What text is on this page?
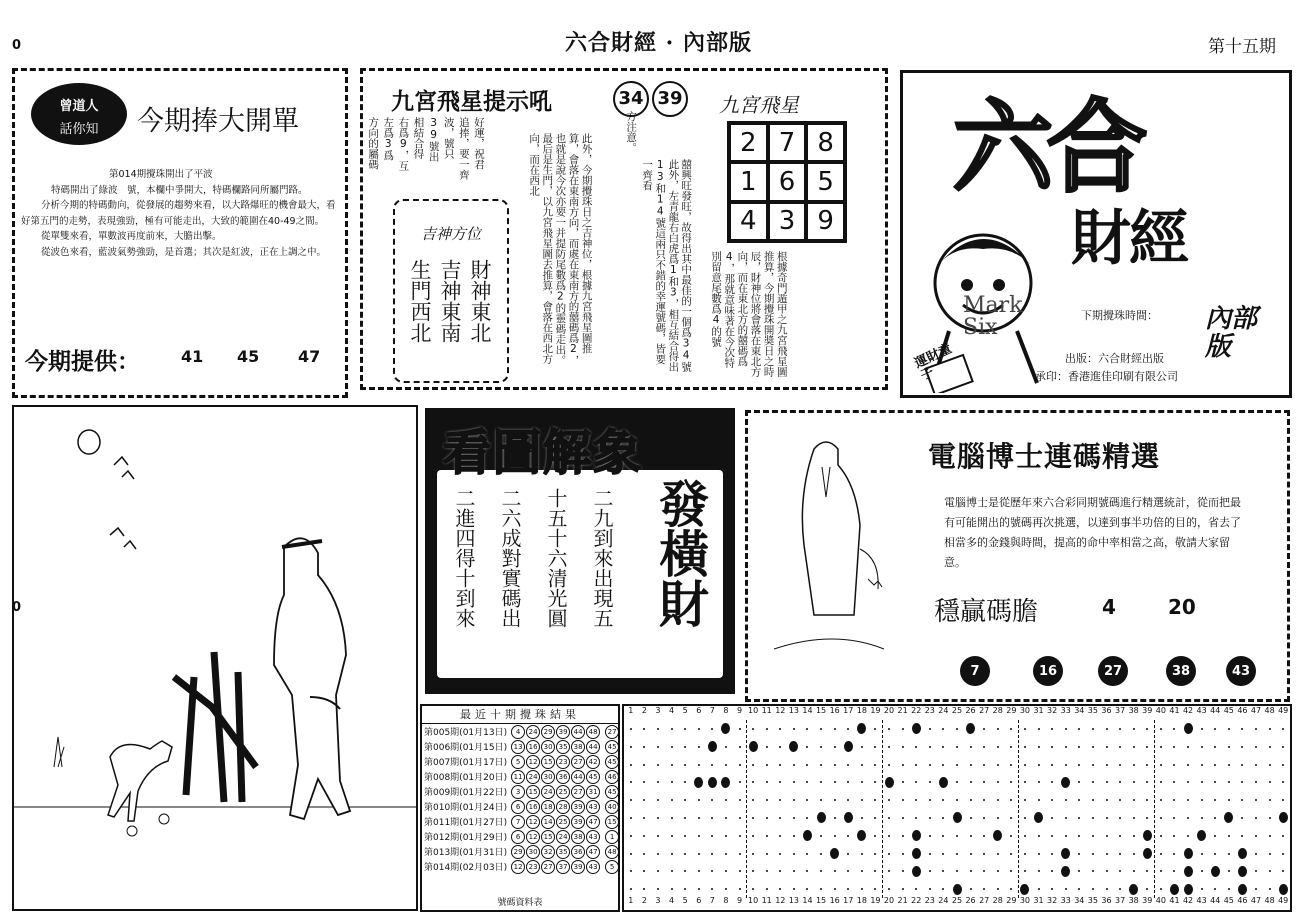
0	六合財經 · 內部版	第十五期
0
曾道人
話你知	今期捧大開單
第014期攪珠開出了平波
特碼開出了綠波　號，本欄中爭開大，特碼欄路同所屬門路。
分析今期的特碼動向，從發展的趨勢來看，以大路爆旺的機會最大，看好第五門的走勢，表現強勁，極有可能走出，大致的範圍在40-49之間。
從單雙來看，單數波再度前來，大膽出擊。
從波色來看，藍波氣勢強勁，是首選；其次是紅波，正在上調之中。
今期提供：	41 45 47
九宮飛星提示吼	34 39
好運，祝君
追捧，要一齊
波，號只
39號出
相結合得
右爲9，互
左爲3爲
方向的屬碼	此外，今期攪珠日之吉神位，根據九宮飛星圖推算，會落在東南方向，而處在東南方的囍碼爲2，也就是說今次亦要一并提防尾數爲2的靈碼走出。最后是生門，以九宮飛星圖去推算，會落在西北方向，而在西北
方注意。
此外，左青龍右白虎爲1和3，相互結合得出13和14號這兩只不錯的幸運號碼，皆要一齊看	囍興旺發旺，故得出其中最佳的一個爲34號
吉神方位
財神東北
吉神東南
生門西北
九宮飛星
2 7 8
1 6 5
4 3 9
根據奇門遁甲之九宮飛星圖推算，今期攪珠開奬日之時辰，財神位將會落在東北方向，而在東北方的囍碼爲4，那就意味著在今次特別留意尾數爲4的號
六合
財經
Mark Six
運財童子
下期攪珠時間： 內部版
出版：六合財經出版
承印：香港進佳印刷有限公司
看圖解象
二九到來出現五
十五十六清光圓
二六成對實碼出
二進四得十到來	發橫財
電腦博士連碼精選
電腦博士是從歷年來六合彩同期號碼進行精選統計，從而把最有可能開出的號碼再次挑選，以達到事半功倍的目的，省去了相當多的金錢與時間，提高的命中率相當之高，敬請大家留意。
穩贏碼膽	4	20
7	16	27	38	43
最近十期攪珠結果
第005期(01月13日)	4 24 29 39 44 48	27
第006期(01月15日)	13 16 30 35 38 44	45
第007期(01月17日)	5 12 15 23 27 42	45
第008期(01月20日)	11 24 30 36 44 45	46
第009期(01月22日)	3 15 24 25 27 31	45
第010期(01月24日)	6 16 18 28 39 43	40
第011期(01月27日)	7 12 14 25 39 47	15
第012期(01月29日)	6 12 15 24 38 43	1
第013期(01月31日)	29 30 32 35 36 47	48
第014期(02月03日)	12 23 27 37 39 43	5
號碼資料表
1	2	3	4	5	6	7	8	9 10 11 12 13 14 15 16 17 18 19 20 21 22 23 24 25 26 27 28 29 30 31 32 33 34 35 36 37 38 39 40 41 42 43 44 45 46 47 48 49
1	2	3	4	5	6	7	8	9 10 11 12 13 14 15 16 17 18 19 20 21 22 23 24 25 26 27 28 29 30 31 32 33 34 35 36 37 38 39 40 41 42 43 44 45 46 47 48 49
